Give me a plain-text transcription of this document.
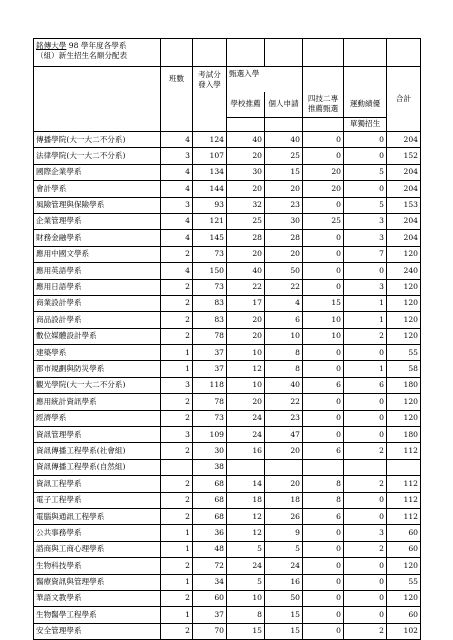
銘傳大學 98 學年度各學系
（組）新生招生名額分配表							
	班數	考試分發入學	甄選入學				合計
			學校推薦	個人申請	四技二專推薦甄選	運動績優	
						單獨招生	
傳播學院(大一大二不分系)	4	124	40	40	0	0	204
法律學院(大一大二不分系)	3	107	20	25	0	0	152
國際企業學系	4	134	30	15	20	5	204
會計學系	4	144	20	20	20	0	204
風險管理與保險學系	3	93	32	23	0	5	153
企業管理學系	4	121	25	30	25	3	204
財務金融學系	4	145	28	28	0	3	204
應用中國文學系	2	73	20	20	0	7	120
應用英語學系	4	150	40	50	0	0	240
應用日語學系	2	73	22	22	0	3	120
商業設計學系	2	83	17	4	15	1	120
商品設計學系	2	83	20	6	10	1	120
數位媒體設計學系	2	78	20	10	10	2	120
建築學系	1	37	10	8	0	0	55
都市規劃與防災學系	1	37	12	8	0	1	58
觀光學院(大一大二不分系)	3	118	10	40	6	6	180
應用統計資訊學系	2	78	20	22	0	0	120
經濟學系	2	73	24	23	0	0	120
資訊管理學系	3	109	24	47	0	0	180
資訊傳播工程學系(社會組)	2	30	16	20	6	2	112
資訊傳播工程學系(自然組)		38					
資訊工程學系	2	68	14	20	8	2	112
電子工程學系	2	68	18	18	8	0	112
電腦與通訊工程學系	2	68	12	26	6	0	112
公共事務學系	1	36	12	9	0	3	60
諮商與工商心理學系	1	48	5	5	0	2	60
生物科技學系	2	72	24	24	0	0	120
醫療資訊與管理學系	1	34	5	16	0	0	55
華語文教學系	2	60	10	50	0	0	120
生物醫學工程學系	1	37	8	15	0	0	60
安全管理學系	2	70	15	15	0	2	102
